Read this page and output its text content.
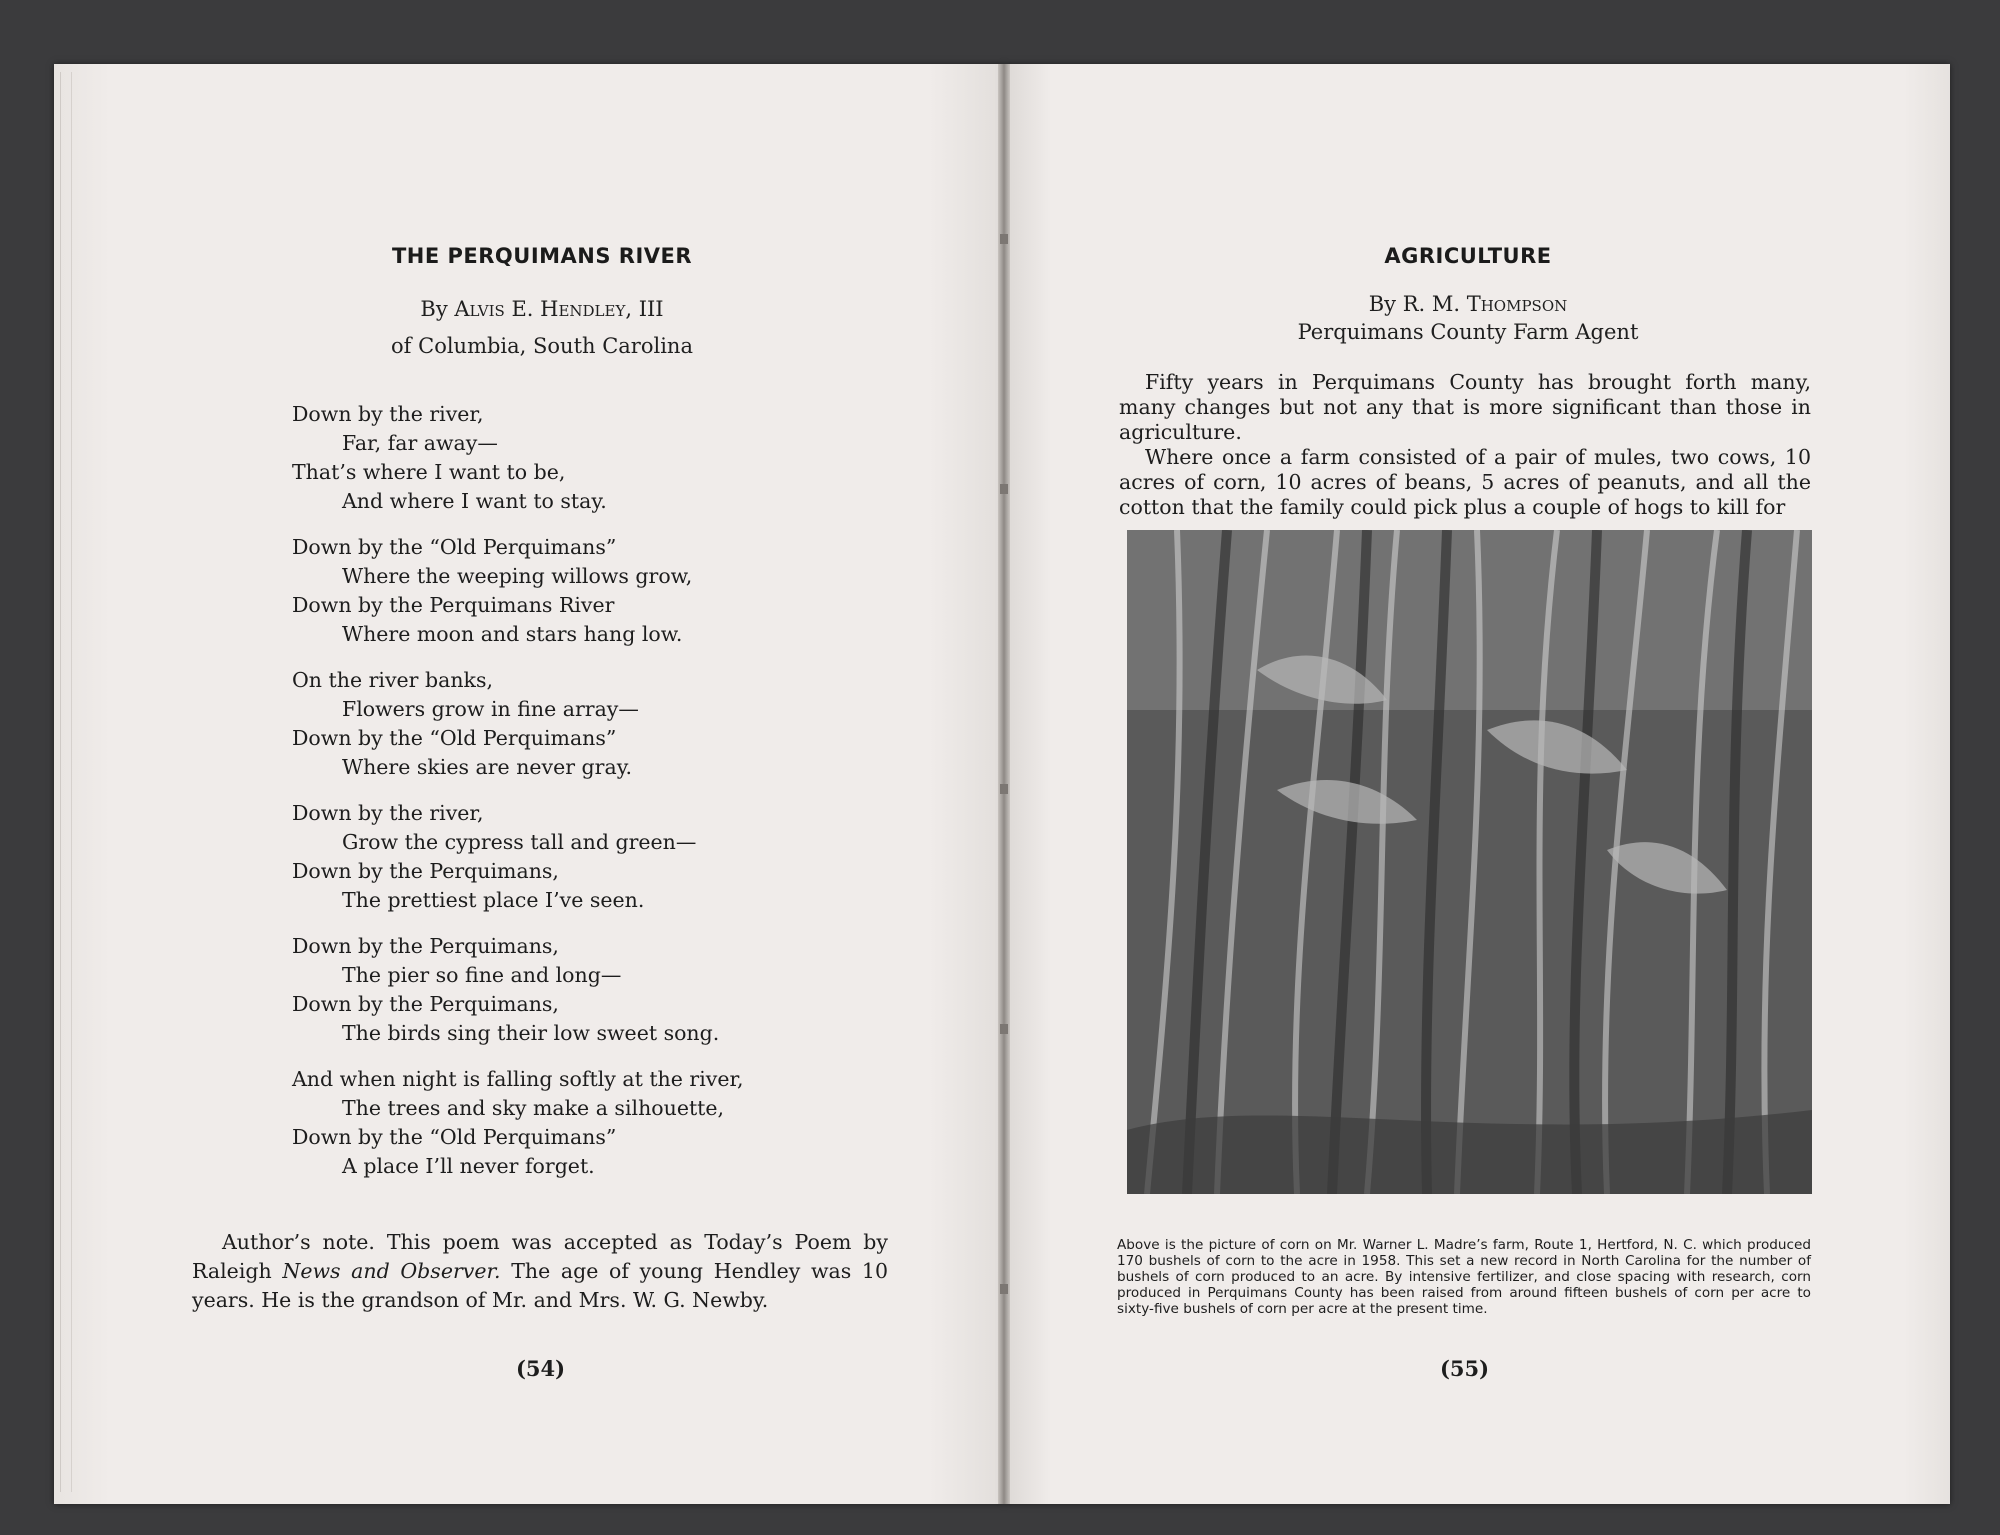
THE PERQUIMANS RIVER
By Alvis E. Hendley, III
of Columbia, South Carolina
Down by the river,
Far, far away—
That’s where I want to be,
And where I want to stay.
Down by the “Old Perquimans”
Where the weeping willows grow,
Down by the Perquimans River
Where moon and stars hang low.
On the river banks,
Flowers grow in fine array—
Down by the “Old Perquimans”
Where skies are never gray.
Down by the river,
Grow the cypress tall and green—
Down by the Perquimans,
The prettiest place I’ve seen.
Down by the Perquimans,
The pier so fine and long—
Down by the Perquimans,
The birds sing their low sweet song.
And when night is falling softly at the river,
The trees and sky make a silhouette,
Down by the “Old Perquimans”
A place I’ll never forget.

Author’s note. This poem was accepted as Today’s Poem by Raleigh News and Observer. The age of young Hendley was 10 years. He is the grandson of Mr. and Mrs. W. G. Newby.

(54)
AGRICULTURE
By R. M. Thompson
Perquimans County Farm Agent

Fifty years in Perquimans County has brought forth many, many changes but not any that is more significant than those in agriculture.

Where once a farm consisted of a pair of mules, two cows, 10 acres of corn, 10 acres of beans, 5 acres of peanuts, and all the cotton that the family could pick plus a couple of hogs to kill for

Above is the picture of corn on Mr. Warner L. Madre’s farm, Route 1, Hertford, N. C. which produced 170 bushels of corn to the acre in 1958. This set a new record in North Carolina for the number of bushels of corn produced to an acre. By intensive fertilizer, and close spacing with research, corn produced in Perquimans County has been raised from around fifteen bushels of corn per acre to sixty-five bushels of corn per acre at the present time.
(55)
